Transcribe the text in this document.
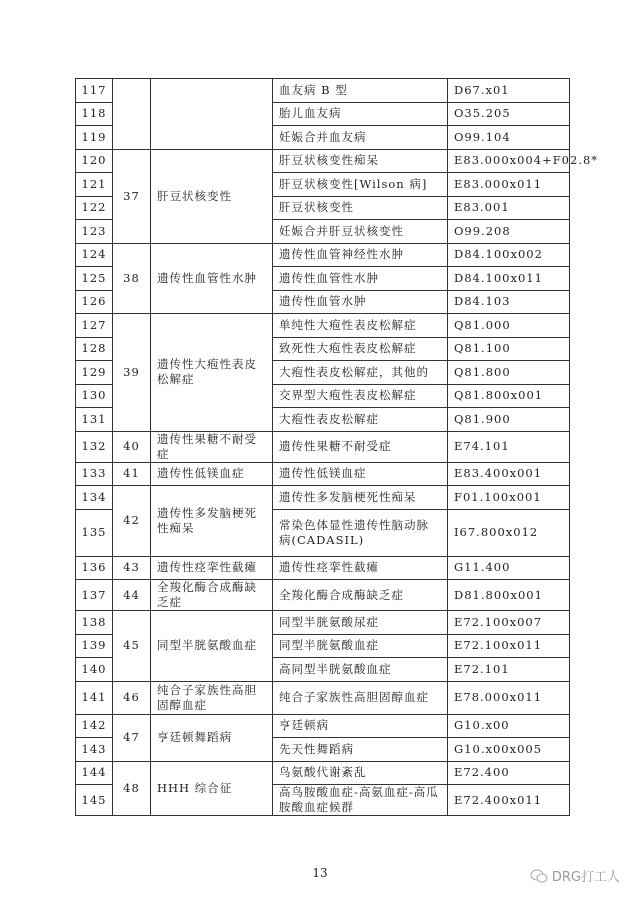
117			血友病 B 型	D67.x01
118			胎儿血友病	O35.205
119			妊娠合并血友病	O99.104
120	37	肝豆状核变性	肝豆状核变性痴呆	E83.000x004+F02.8*
121			肝豆状核变性[Wilson 病]	E83.000x011
122			肝豆状核变性	E83.001
123			妊娠合并肝豆状核变性	O99.208
124	38	遗传性血管性水肿	遗传性血管神经性水肿	D84.100x002
125			遗传性血管性水肿	D84.100x011
126			遗传性血管水肿	D84.103
127	39	遗传性大疱性表皮松解症	单纯性大疱性表皮松解症	Q81.000
128			致死性大疱性表皮松解症	Q81.100
129			大疱性表皮松解症，其他的	Q81.800
130			交界型大疱性表皮松解症	Q81.800x001
131			大疱性表皮松解症	Q81.900
132	40	遗传性果糖不耐受症	遗传性果糖不耐受症	E74.101
133	41	遗传性低镁血症	遗传性低镁血症	E83.400x001
134	42	遗传性多发脑梗死性痴呆	遗传性多发脑梗死性痴呆	F01.100x001
135			常染色体显性遗传性脑动脉病(CADASIL)	I67.800x012
136	43	遗传性痉挛性截瘫	遗传性痉挛性截瘫	G11.400
137	44	全羧化酶合成酶缺乏症	全羧化酶合成酶缺乏症	D81.800x001
138	45	同型半胱氨酸血症	同型半胱氨酸尿症	E72.100x007
139			同型半胱氨酸血症	E72.100x011
140			高同型半胱氨酸血症	E72.101
141	46	纯合子家族性高胆固醇血症	纯合子家族性高胆固醇血症	E78.000x011
142	47	亨廷顿舞蹈病	亨廷顿病	G10.x00
143			先天性舞蹈病	G10.x00x005
144	48	HHH 综合征	鸟氨酸代谢紊乱	E72.400
145			高鸟胺酸血症-高氨血症-高瓜胺酸血症候群	E72.400x011
13	DRG打工人
